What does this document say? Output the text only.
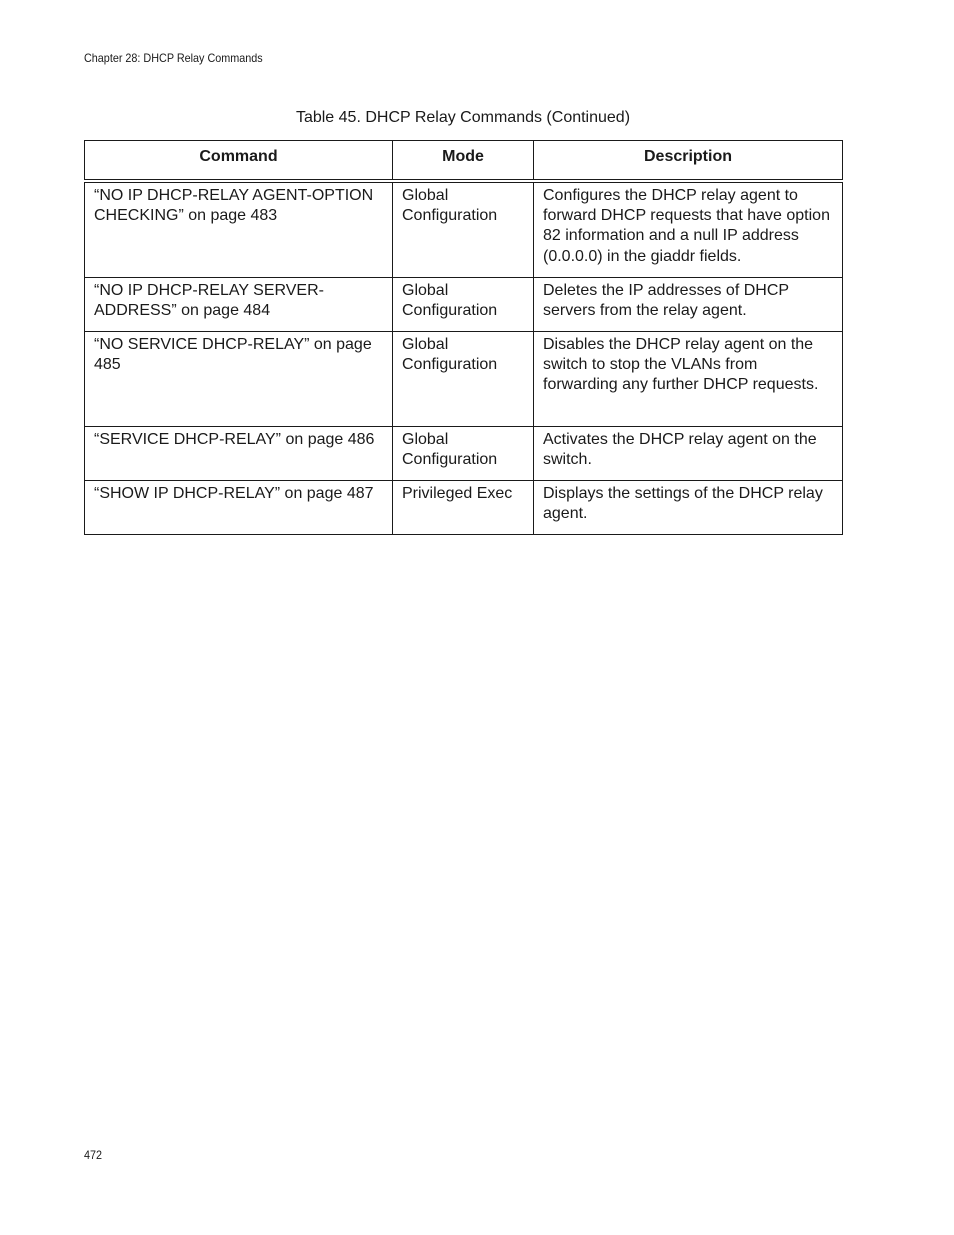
Chapter 28: DHCP Relay Commands
Table 45. DHCP Relay Commands (Continued)
Command	Mode	Description
“NO IP DHCP-RELAY AGENT-OPTION CHECKING” on page 483	Global Configuration	Configures the DHCP relay agent to forward DHCP requests that have option 82 information and a null IP address (0.0.0.0) in the giaddr fields.
“NO IP DHCP-RELAY SERVER-ADDRESS” on page 484	Global Configuration	Deletes the IP addresses of DHCP servers from the relay agent.
“NO SERVICE DHCP-RELAY” on page 485	Global Configuration	Disables the DHCP relay agent on the switch to stop the VLANs from forwarding any further DHCP requests.
“SERVICE DHCP-RELAY” on page 486	Global Configuration	Activates the DHCP relay agent on the switch.
“SHOW IP DHCP-RELAY” on page 487	Privileged Exec	Displays the settings of the DHCP relay agent.
472
